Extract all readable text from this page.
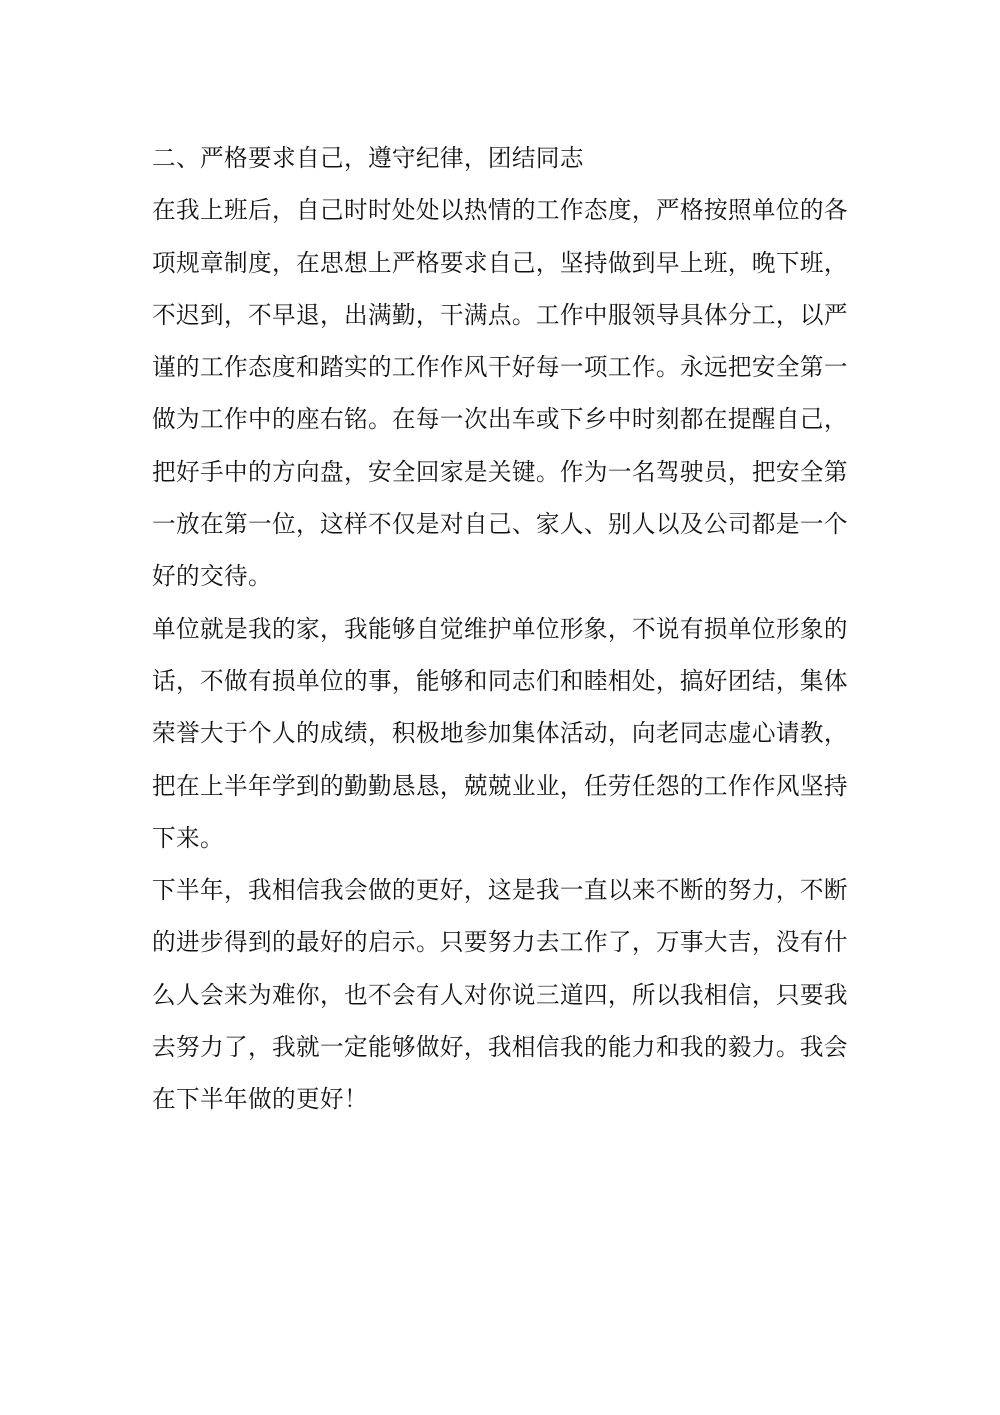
二、严格要求自己，遵守纪律，团结同志
在我上班后，自己时时处处以热情的工作态度，严格按照单位的各
项规章制度，在思想上严格要求自己，坚持做到早上班，晚下班，
不迟到，不早退，出满勤，干满点。工作中服领导具体分工，以严
谨的工作态度和踏实的工作作风干好每一项工作。永远把安全第一
做为工作中的座右铭。在每一次出车或下乡中时刻都在提醒自己，
把好手中的方向盘，安全回家是关键。作为一名驾驶员，把安全第
一放在第一位，这样不仅是对自己、家人、别人以及公司都是一个
好的交待。
单位就是我的家，我能够自觉维护单位形象，不说有损单位形象的
话，不做有损单位的事，能够和同志们和睦相处，搞好团结，集体
荣誉大于个人的成绩，积极地参加集体活动，向老同志虚心请教，
把在上半年学到的勤勤恳恳，兢兢业业，任劳任怨的工作作风坚持
下来。
下半年，我相信我会做的更好，这是我一直以来不断的努力，不断
的进步得到的最好的启示。只要努力去工作了，万事大吉，没有什
么人会来为难你，也不会有人对你说三道四，所以我相信，只要我
去努力了，我就一定能够做好，我相信我的能力和我的毅力。我会
在下半年做的更好！
